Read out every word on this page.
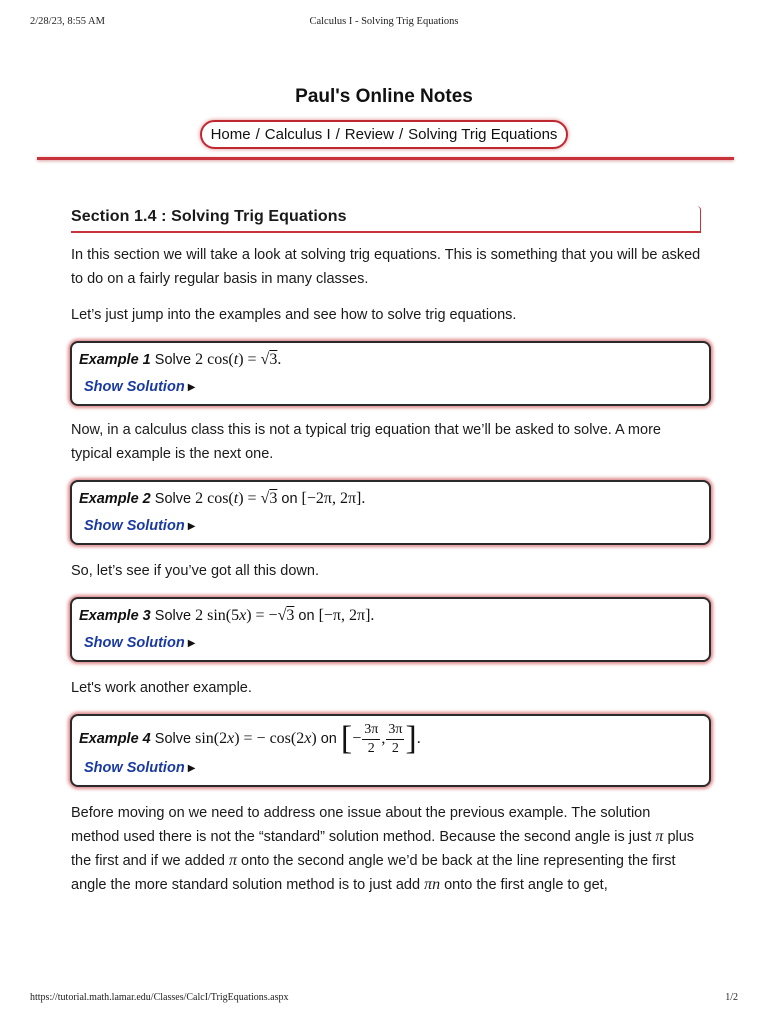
2/28/23, 8:55 AM	Calculus I - Solving Trig Equations
Paul's Online Notes
Home / Calculus I / Review / Solving Trig Equations
Section 1.4 : Solving Trig Equations

In this section we will take a look at solving trig equations. This is something that you will be asked to do on a fairly regular basis in many classes.

Let’s just jump into the examples and see how to solve trig equations.

Example 1 Solve 2 cos(t) = √3.
Show Solution ▶

Now, in a calculus class this is not a typical trig equation that we’ll be asked to solve. A more typical example is the next one.

Example 2 Solve 2 cos(t) = √3 on [−2π, 2π].
Show Solution ▶

So, let’s see if you’ve got all this down.

Example 3 Solve 2 sin(5x) = −√3 on [−π, 2π].
Show Solution ▶

Let's work another example.

Example 4
Solve
sin(2x) = − cos(2x)
on
[ − $\frac{3\pi}{2}$ , $\frac{3\pi}{2}$ ] .
Show Solution ▶

Before moving on we need to address one issue about the previous example. The solution method used there is not the “standard” solution method. Because the second angle is just π plus the first and if we added π onto the second angle we’d be back at the line representing the first angle the more standard solution method is to just add πn onto the first angle to get,

https://tutorial.math.lamar.edu/Classes/CalcI/TrigEquations.aspx	1/2
